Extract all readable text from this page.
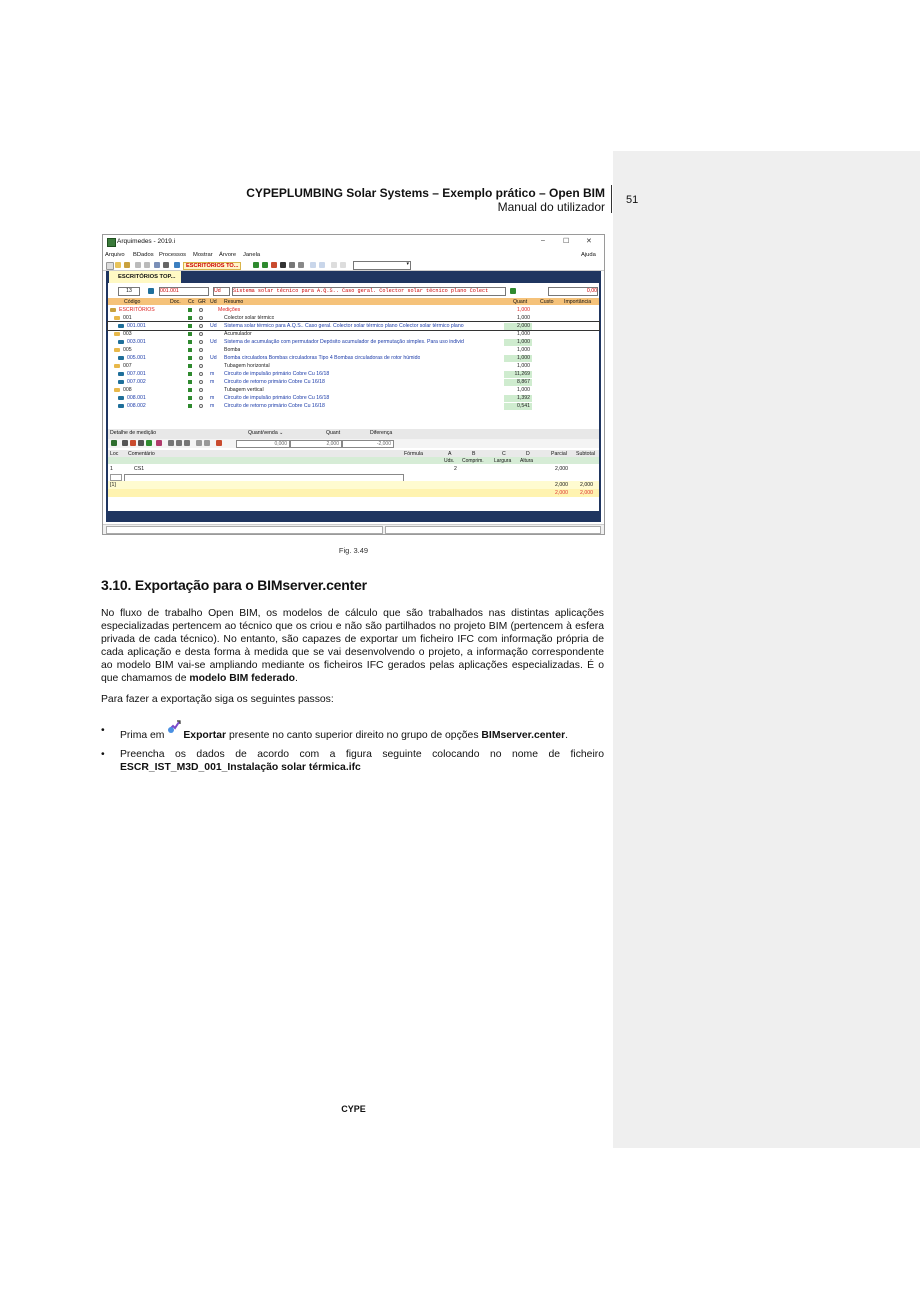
CYPEPLUMBING Solar Systems – Exemplo prático – Open BIM
Manual do utilizador 51
Arquimedes - 2019.i	–	☐ ✕
Arquivo BDados Processos Mostrar Árvore Janela	Ajuda
ESCRITÓRIOS TO...	▾
ESCRITÓRIOS TOP...
13	001.001	Ud	Sistema solar técnico para A.Q.S.. Caso geral. Colector solar técnico plano Colect	0,00
Código	Doc. Cc GR Ud Resumo	Quant Custo Importância
ESCRITÓRIOS	Medições	1,000
001	Colector solar térmico	1,000
001.001	Ud Sistema solar térmico para A.Q.S.. Caso geral. Colector solar térmico plano Colector solar térmico plano	2,000
003	Acumulador	1,000
003.001	Ud Sistema de acumulação com permutador Depósito acumulador de permutação simples. Para uso individ	1,000
005	Bomba	1,000
005.001	Ud Bomba circuladora Bombas circuladoras Tipo 4 Bombas circuladoras de rotor húmido	1,000
007	Tubagem horizontal	1,000
007.001	m Circuito de impulsão primário Cobre Cu 16/18	11,269
007.002	m Circuito de retorno primário Cobre Cu 16/18	8,867
008	Tubagem vertical	1,000
008.001	m Circuito de impulsão primário Cobre Cu 16/18	1,392
008.002	m Circuito de retorno primário Cobre Cu 16/18	0,541
Detalhe de medição	Quant/venda ⌄	Quant	Diferença
0,000	2,000	-2,000
Loc Comentário	Fórmula	A	B	C	D	Parcial Subtotal
Uds. Comprim. Largura Altura
1	CS1	2	2,000
[1]	2,000 2,000
2,000 2,000
Fig. 3.49
3.10. Exportação para o BIMserver.center
No fluxo de trabalho Open BIM, os modelos de cálculo que são trabalhados nas distintas aplicações especializadas pertencem ao técnico que os criou e não são partilhados no projeto BIM (pertencem à esfera privada de cada técnico). No entanto, são capazes de exportar um ficheiro IFC com informação própria de cada aplicação e desta forma à medida que se vai desenvolvendo o projeto, a informação correspondente ao modelo BIM vai-se ampliando mediante os ficheiros IFC gerados pelas aplicações especializadas. É o que chamamos de modelo BIM federado.
Para fazer a exportação siga os seguintes passos:
• Prima em Exportar presente no canto superior direito no grupo de opções BIMserver.center.
• Preencha os dados de acordo com a figura seguinte colocando no nome de ficheiro ESCR_IST_M3D_001_Instalação solar térmica.ifc
CYPE
